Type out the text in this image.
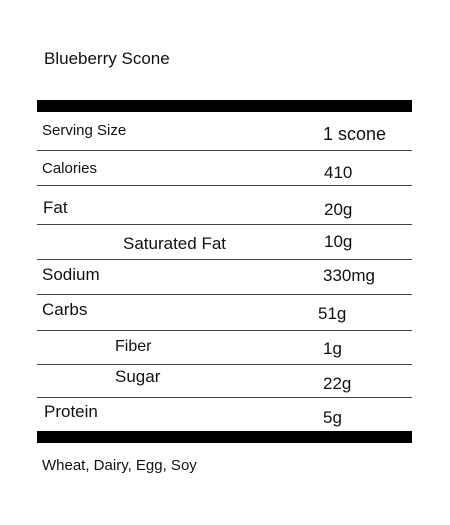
Blueberry Scone
Serving Size	1 scone
Calories	410
Fat	20g
Saturated Fat	10g
Sodium	330mg
Carbs	51g
Fiber	1g
Sugar	22g
Protein	5g
Wheat, Dairy, Egg, Soy
